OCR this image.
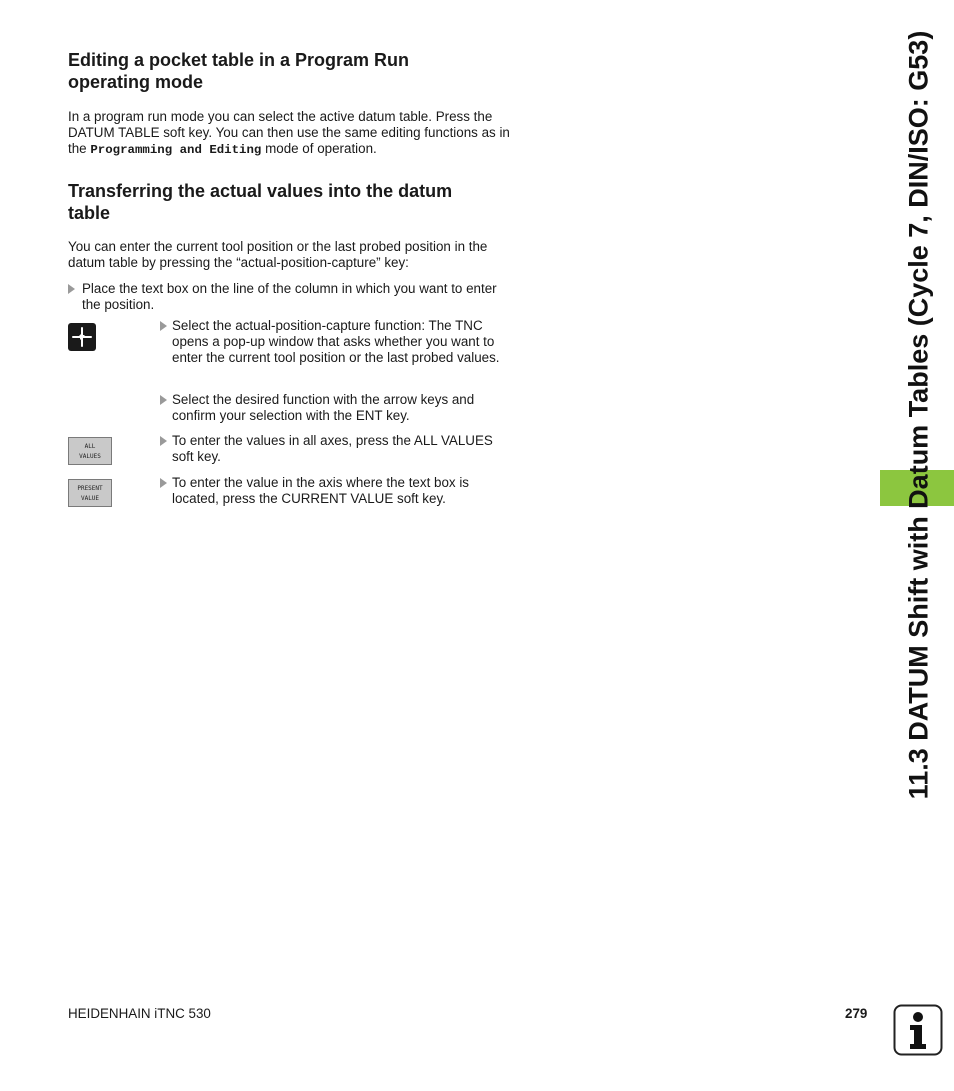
Editing a pocket table in a Program Run
operating mode

In a program run mode you can select the active datum table. Press the DATUM TABLE soft key. You can then use the same editing functions as in the Programming and Editing mode of operation.

Transferring the actual values into the datum
table

You can enter the current tool position or the last probed position in the datum table by pressing the “actual-position-capture” key:

Place the text box on the line of the column in which you want to enter the position.

Select the actual-position-capture function: The TNC opens a pop-up window that asks whether you want to enter the current tool position or the last probed values.

Select the desired function with the arrow keys and confirm your selection with the ENT key.

ALL
VALUES

To enter the values in all axes, press the ALL VALUES soft key.

PRESENT
VALUE

To enter the value in the axis where the text box is located, press the CURRENT VALUE soft key.	11.3 DATUM Shift with Datum Tables (Cycle 7, DIN/ISO: G53)
HEIDENHAIN iTNC 530	279
